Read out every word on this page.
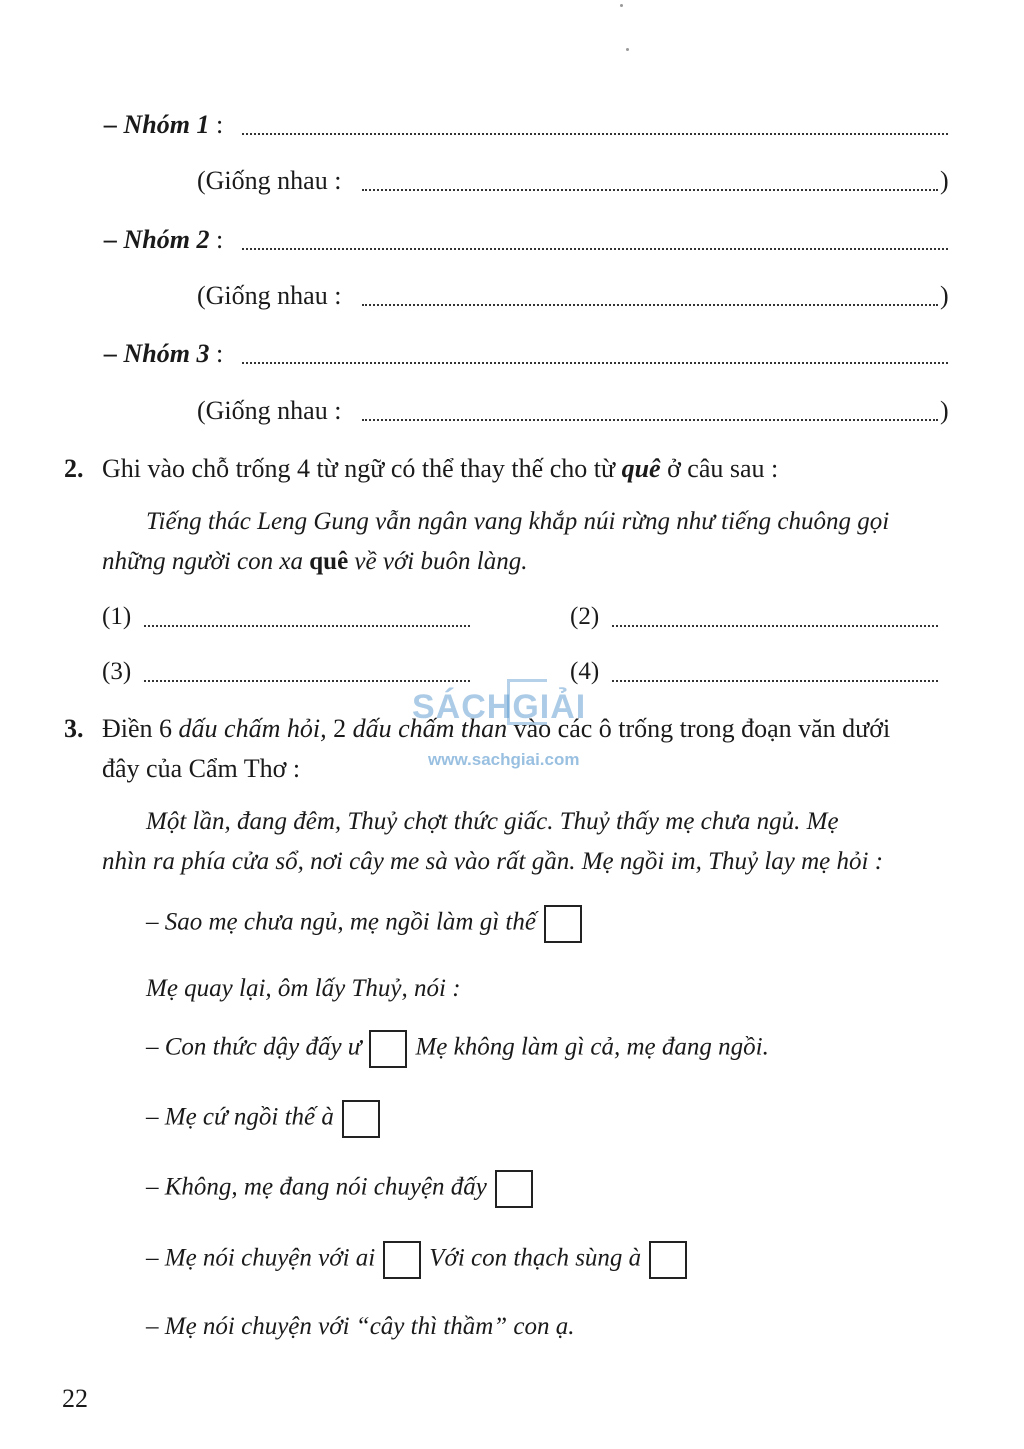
– Nhóm 1 :
(Giống nhau :	)
– Nhóm 2 :
(Giống nhau :	)
– Nhóm 3 :
(Giống nhau :	)
2. Ghi vào chỗ trống 4 từ ngữ có thể thay thế cho từ quê ở câu sau :
Tiếng thác Leng Gung vẫn ngân vang khắp núi rừng như tiếng chuông gọi
những người con xa quê về với buôn làng.
(1)	(2)
(3)	(4)
SÁCHGIẢI
www.sachgiai.com
3. Điền 6 dấu chấm hỏi, 2 dấu chấm than vào các ô trống trong đoạn văn dưới
đây của Cẩm Thơ :
Một lần, đang đêm, Thuỷ chợt thức giấc. Thuỷ thấy mẹ chưa ngủ. Mẹ
nhìn ra phía cửa sổ, nơi cây me sà vào rất gần. Mẹ ngồi im, Thuỷ lay mẹ hỏi :
– Sao mẹ chưa ngủ, mẹ ngồi làm gì thế
Mẹ quay lại, ôm lấy Thuỷ, nói :
– Con thức dậy đấy ư Mẹ không làm gì cả, mẹ đang ngồi.
– Mẹ cứ ngồi thế à
– Không, mẹ đang nói chuyện đấy
– Mẹ nói chuyện với ai Với con thạch sùng à
– Mẹ nói chuyện với “cây thì thầm” con ạ.
22
